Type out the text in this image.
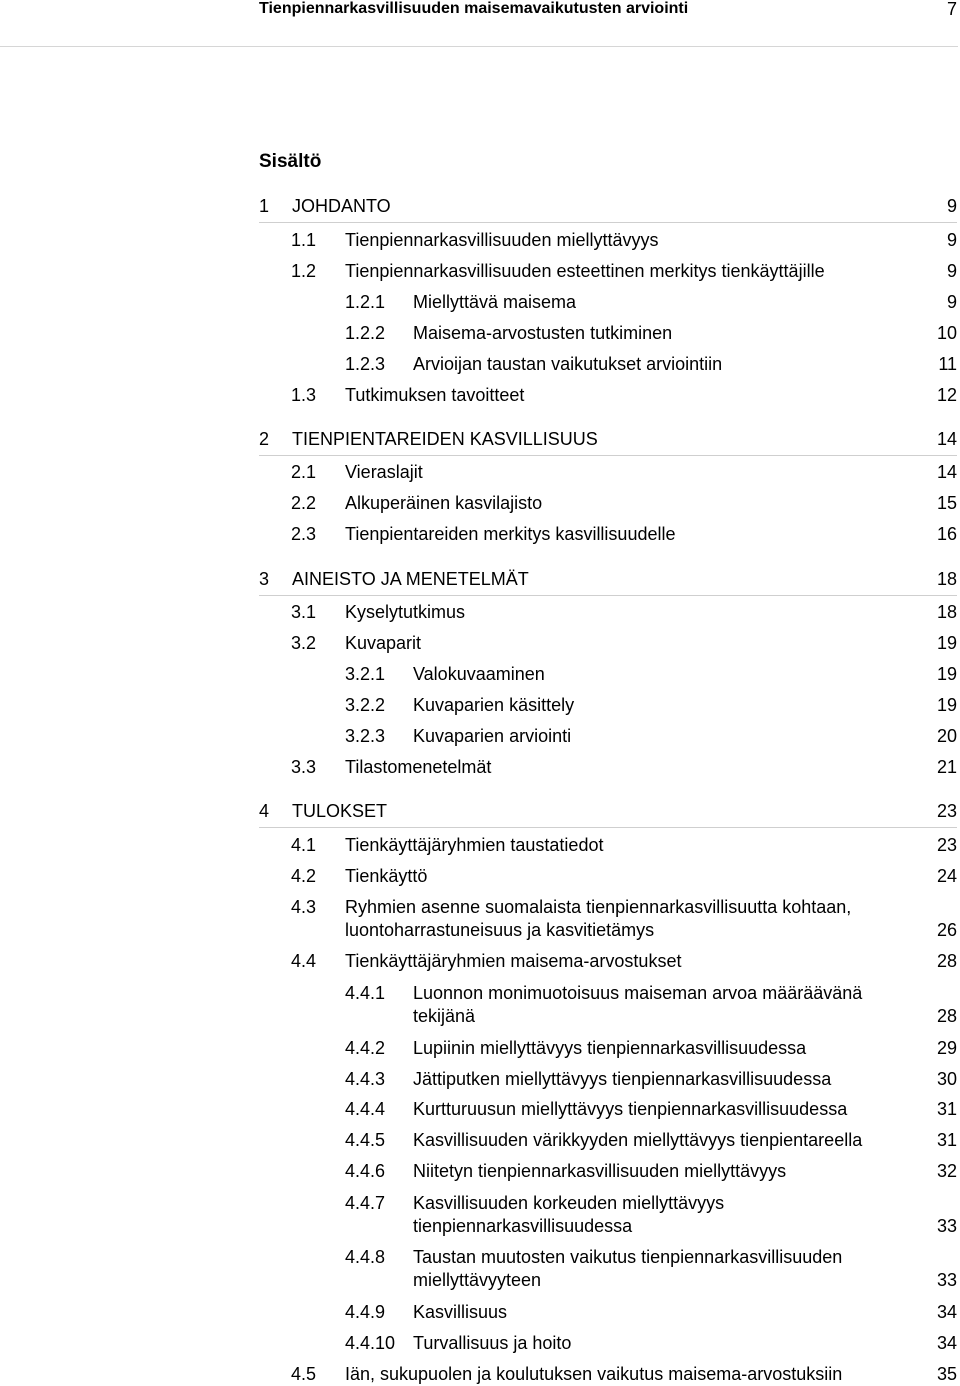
Tienpiennarkasvillisuuden maisemavaikutusten arviointi	7
Sisältö
1 JOHDANTO	9
1.1 Tienpiennarkasvillisuuden miellyttävyys	9
1.2 Tienpiennarkasvillisuuden esteettinen merkitys tienkäyttäjille	9
1.2.1 Miellyttävä maisema	9
1.2.2 Maisema-arvostusten tutkiminen	10
1.2.3 Arvioijan taustan vaikutukset arviointiin	11
1.3 Tutkimuksen tavoitteet	12
2 TIENPIENTAREIDEN KASVILLISUUS	14
2.1 Vieraslajit	14
2.2 Alkuperäinen kasvilajisto	15
2.3 Tienpientareiden merkitys kasvillisuudelle	16
3 AINEISTO JA MENETELMÄT	18
3.1 Kyselytutkimus	18
3.2 Kuvaparit	19
3.2.1 Valokuvaaminen	19
3.2.2 Kuvaparien käsittely	19
3.2.3 Kuvaparien arviointi	20
3.3 Tilastomenetelmät	21
4 TULOKSET	23
4.1 Tienkäyttäjäryhmien taustatiedot	23
4.2 Tienkäyttö	24
4.3 Ryhmien asenne suomalaista tienpiennarkasvillisuutta kohtaan,
luontoharrastuneisuus ja kasvitietämys	26
4.4 Tienkäyttäjäryhmien maisema-arvostukset	28
4.4.1 Luonnon monimuotoisuus maiseman arvoa määräävänä
tekijänä	28
4.4.2 Lupiinin miellyttävyys tienpiennarkasvillisuudessa	29
4.4.3 Jättiputken miellyttävyys tienpiennarkasvillisuudessa	30
4.4.4 Kurtturuusun miellyttävyys tienpiennarkasvillisuudessa	31
4.4.5 Kasvillisuuden värikkyyden miellyttävyys tienpientareella	31
4.4.6 Niitetyn tienpiennarkasvillisuuden miellyttävyys	32
4.4.7 Kasvillisuuden korkeuden miellyttävyys
tienpiennarkasvillisuudessa	33
4.4.8 Taustan muutosten vaikutus tienpiennarkasvillisuuden
miellyttävyyteen	33
4.4.9 Kasvillisuus	34
4.4.10 Turvallisuus ja hoito	34
4.5 Iän, sukupuolen ja koulutuksen vaikutus maisema-arvostuksiin	35
